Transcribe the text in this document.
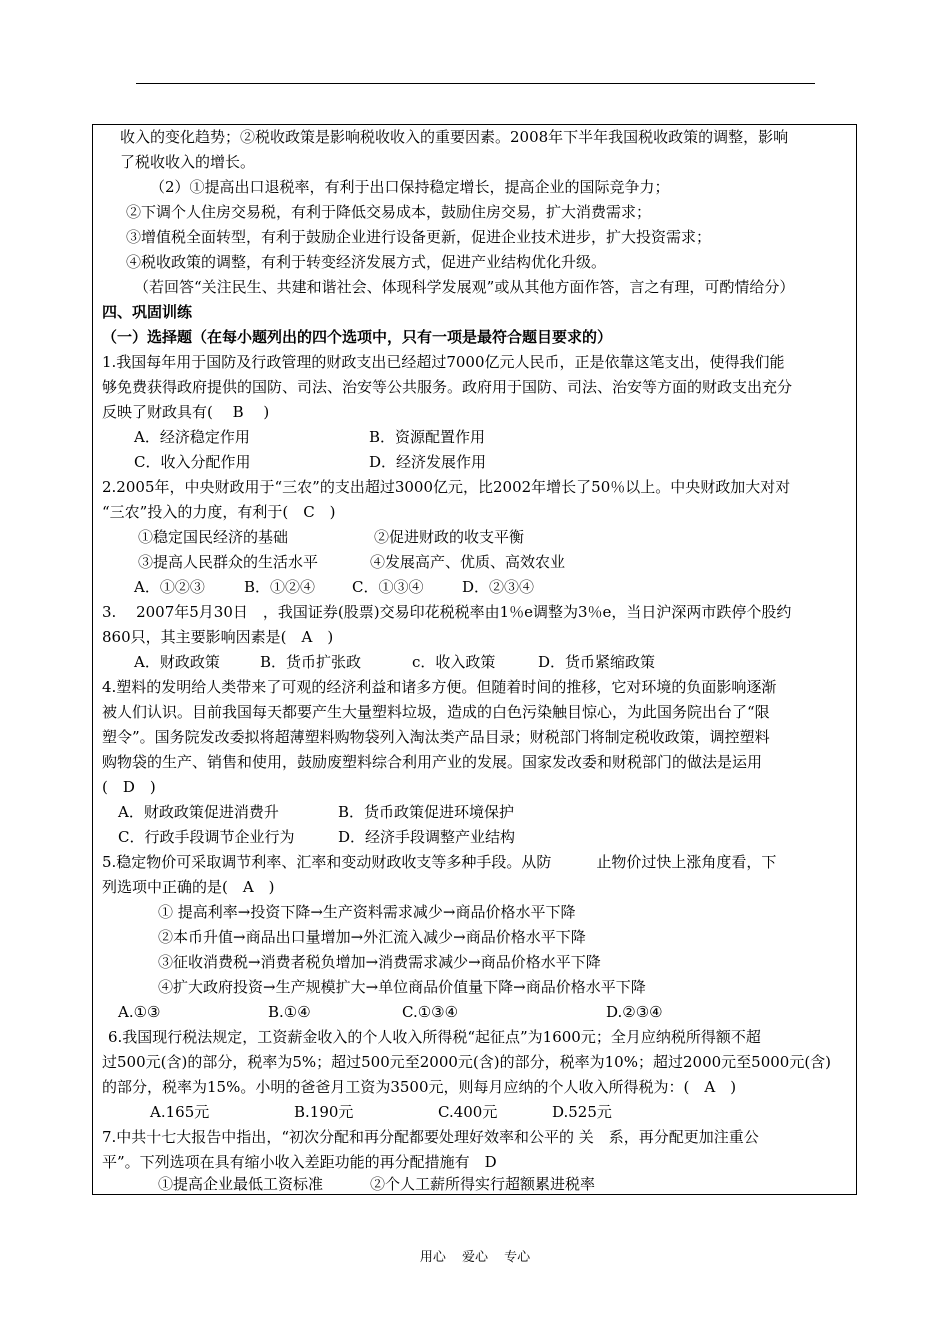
收入的变化趋势；②税收政策是影响税收收入的重要因素。2008年下半年我国税收政策的调整，影响
了税收收入的增长。
（2）①提高出口退税率，有利于出口保持稳定增长，提高企业的国际竞争力；
②下调个人住房交易税，有利于降低交易成本，鼓励住房交易，扩大消费需求；
③增值税全面转型，有利于鼓励企业进行设备更新，促进企业技术进步，扩大投资需求；
④税收政策的调整，有利于转变经济发展方式，促进产业结构优化升级。
（若回答“关注民生、共建和谐社会、体现科学发展观”或从其他方面作答，言之有理，可酌情给分）
四、巩固训练
（一）选择题（在每小题列出的四个选项中，只有一项是最符合题目要求的）
1.我国每年用于国防及行政管理的财政支出已经超过7000亿元人民币，正是依靠这笔支出，使得我们能
够免费获得政府提供的国防、司法、治安等公共服务。政府用于国防、司法、治安等方面的财政支出充分
反映了财政具有(　 B　 )
A．经济稳定作用	B．资源配置作用
C．收入分配作用	D．经济发展作用
2.2005年，中央财政用于“三农”的支出超过3000亿元，比2002年增长了50％以上。中央财政加大对对
“三农”投入的力度，有利于(　C　)
①稳定国民经济的基础	②促进财政的收支平衡
③提高人民群众的生活水平	④发展高产、优质、高效农业
A．①②③	B．①②④ C．①③④	D．②③④
3.　 2007年5月30日　，我国证券(股票)交易印花税税率由1％e调整为3％e，当日沪深两市跌停个股约
860只，其主要影响因素是(　A　)
A．财政政策	B．货币扩张政	c．收入政策	D．货币紧缩政策
4.塑料的发明给人类带来了可观的经济利益和诸多方便。但随着时间的推移，它对环境的负面影响逐渐
被人们认识。目前我国每天都要产生大量塑料垃圾，造成的白色污染触目惊心，为此国务院出台了“限
塑令”。国务院发改委拟将超薄塑料购物袋列入淘汰类产品目录；财税部门将制定税收政策，调控塑料
购物袋的生产、销售和使用，鼓励废塑料综合利用产业的发展。国家发改委和财税部门的做法是运用
(　D　)
A．财政政策促进消费升	B．货币政策促进环境保护
C．行政手段调节企业行为	D．经济手段调整产业结构
5.稳定物价可采取调节利率、汇率和变动财政收支等多种手段。从防　　　止物价过快上涨角度看，下
列选项中正确的是(　A　)
① 提高利率→投资下降→生产资料需求减少→商品价格水平下降
②本币升值→商品出口量增加→外汇流入减少→商品价格水平下降
③征收消费税→消费者税负增加→消费需求减少→商品价格水平下降
④扩大政府投资→生产规模扩大→单位商品价值量下降→商品价格水平下降
A.①③	B.①④	C.①③④	D.②③④
6.我国现行税法规定，工资薪金收入的个人收入所得税“起征点”为1600元；全月应纳税所得额不超
过500元(含)的部分，税率为5%；超过500元至2000元(含)的部分，税率为10%；超过2000元至5000元(含)
的部分，税率为15%。小明的爸爸月工资为3500元，则每月应纳的个人收入所得税为：(　A　)
A.165元	B.190元	C.400元	D.525元
7.中共十七大报告中指出，“初次分配和再分配都要处理好效率和公平的 关　系，再分配更加注重公
平”。下列选项在具有缩小收入差距功能的再分配措施有　D
①提高企业最低工资标准	②个人工薪所得实行超额累进税率
用心 爱心 专心
